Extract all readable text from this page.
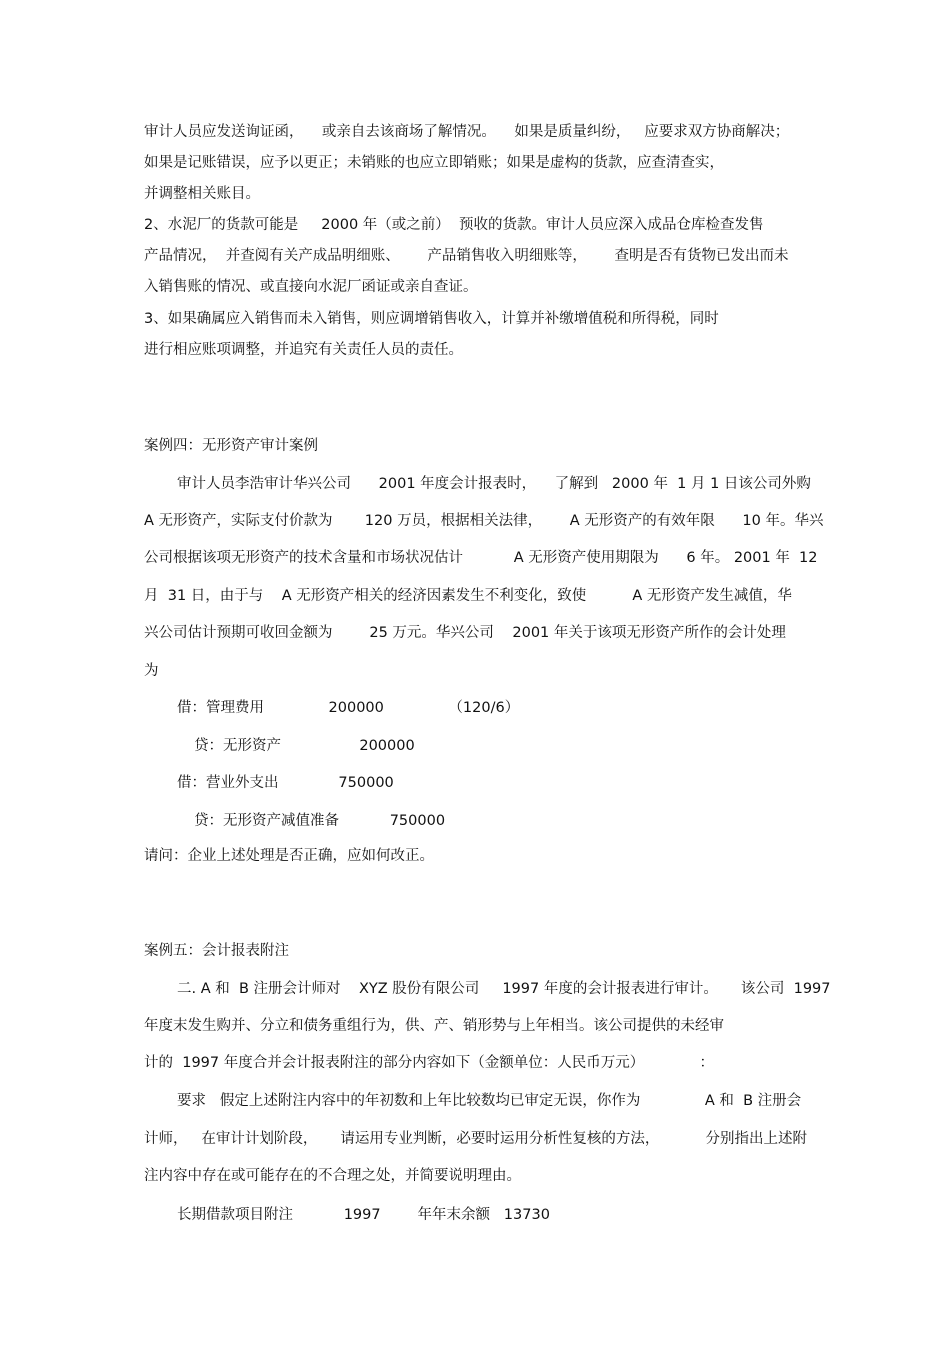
审计人员应发送询证函，    或亲自去该商场了解情况。    如果是质量纠纷，   应要求双方协商解决；
如果是记账错误，应予以更正；未销账的也应立即销账；如果是虚构的货款，应查清查实，
并调整相关账目。
2、水泥厂的货款可能是     2000 年（或之前）  预收的货款。审计人员应深入成品仓库检查发售
产品情况，  并查阅有关产成品明细账、      产品销售收入明细账等，      查明是否有货物已发出而未
入销售账的情况、或直接向水泥厂函证或亲自查证。
3、如果确属应入销售而未入销售，则应调增销售收入，计算并补缴增值税和所得税，同时
进行相应账项调整，并追究有关责任人员的责任。
案例四：无形资产审计案例
审计人员李浩审计华兴公司      2001 年度会计报表时，    了解到   2000 年  1 月 1 日该公司外购
A 无形资产，实际支付价款为       120 万员，根据相关法律，      A 无形资产的有效年限      10 年。华兴
公司根据该项无形资产的技术含量和市场状况估计           A 无形资产使用期限为      6 年。 2001 年  12
月  31 日，由于与    A 无形资产相关的经济因素发生不利变化，致使          A 无形资产发生减值，华
兴公司估计预期可收回金额为        25 万元。华兴公司    2001 年关于该项无形资产所作的会计处理
为
借：管理费用              200000              （120/6）
贷：无形资产                 200000
借：营业外支出             750000
贷：无形资产减值准备           750000
请问：企业上述处理是否正确，应如何改正。
案例五：会计报表附注
二. A 和  B 注册会计师对    XYZ 股份有限公司     1997 年度的会计报表进行审计。     该公司  1997
年度末发生购并、分立和债务重组行为，供、产、销形势与上年相当。该公司提供的未经审
计的  1997 年度合并会计报表附注的部分内容如下（金额单位：人民币万元）            ：
要求   假定上述附注内容中的年初数和上年比较数均已审定无误，你作为              A 和  B 注册会
计师，   在审计计划阶段，     请运用专业判断，必要时运用分析性复核的方法，          分别指出上述附
注内容中存在或可能存在的不合理之处，并简要说明理由。
长期借款项目附注           1997        年年末余额   13730
